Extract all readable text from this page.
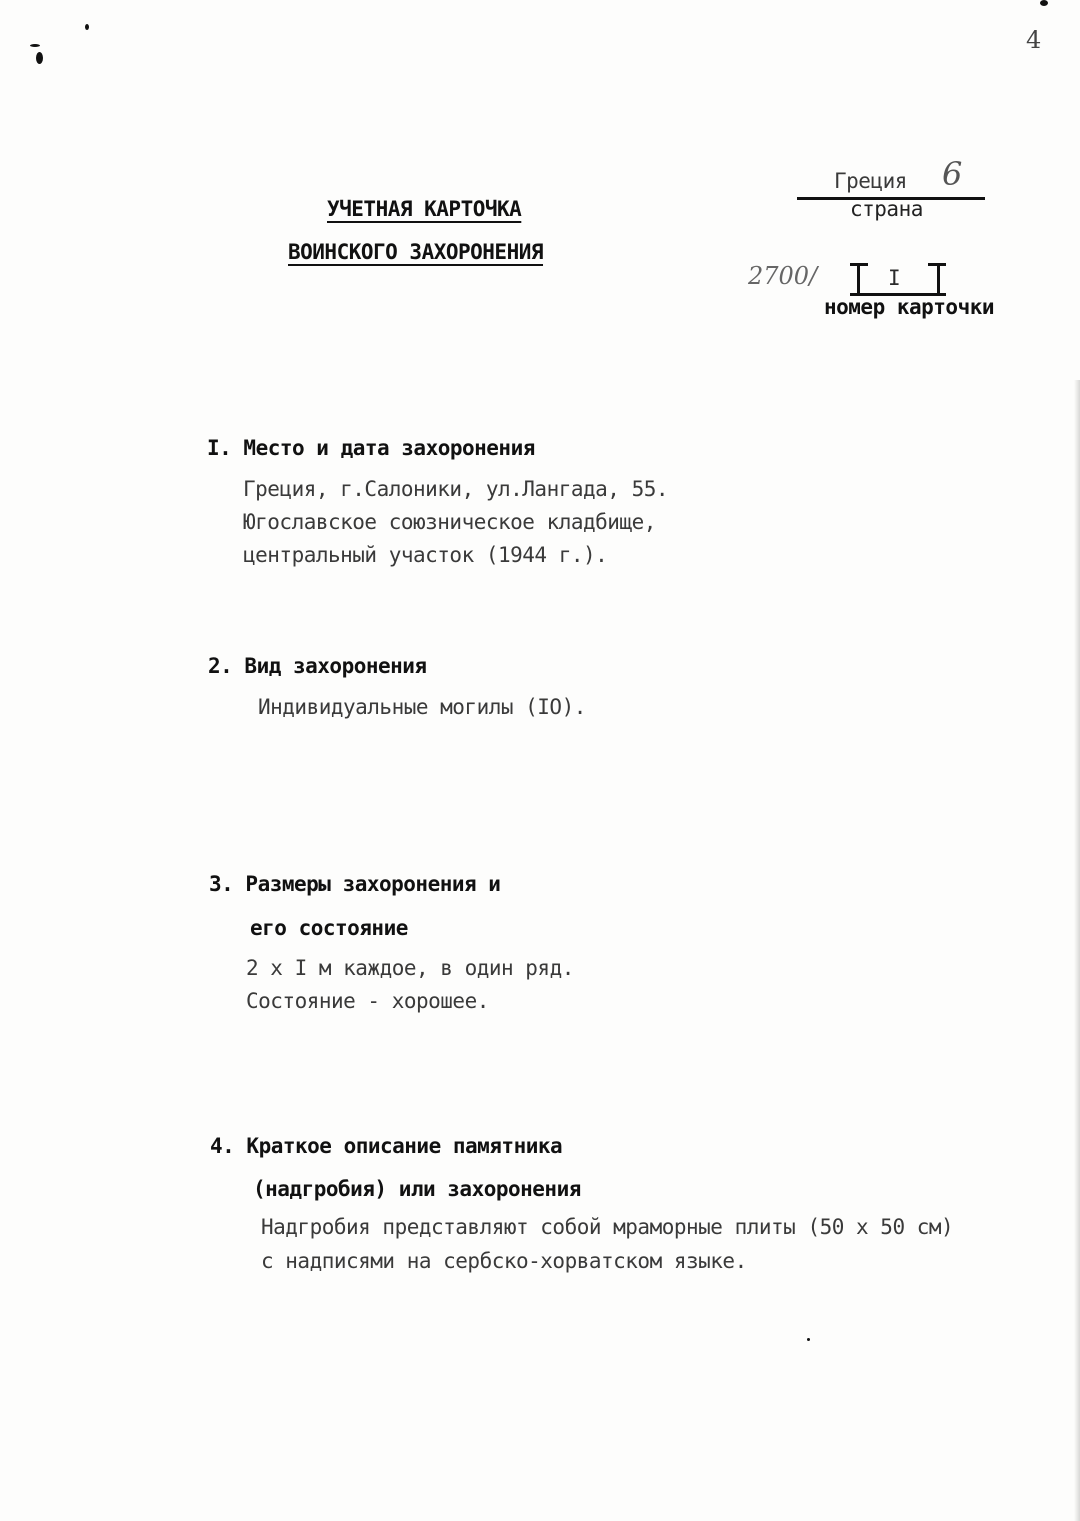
4
УЧЕТНАЯ КАРТОЧКА
ВОИНСКОГО ЗАХОРОНЕНИЯ
Греция 6
страна
2700/	I
номер карточки
I. Место и дата захоронения
Греция, г.Салоники, ул.Лангада, 55.
Югославское союзническое кладбище,
центральный участок (1944 г.).
2. Вид захоронения
Индивидуальные могилы (IO).
3. Размеры захоронения и
его состояние
2 x I м каждое, в один ряд.
Состояние - хорошее.
4. Краткое описание памятника
(надгробия) или захоронения
Надгробия представляют собой мраморные плиты (50 x 50 см)
с надписями на сербско-хорватском языке.
